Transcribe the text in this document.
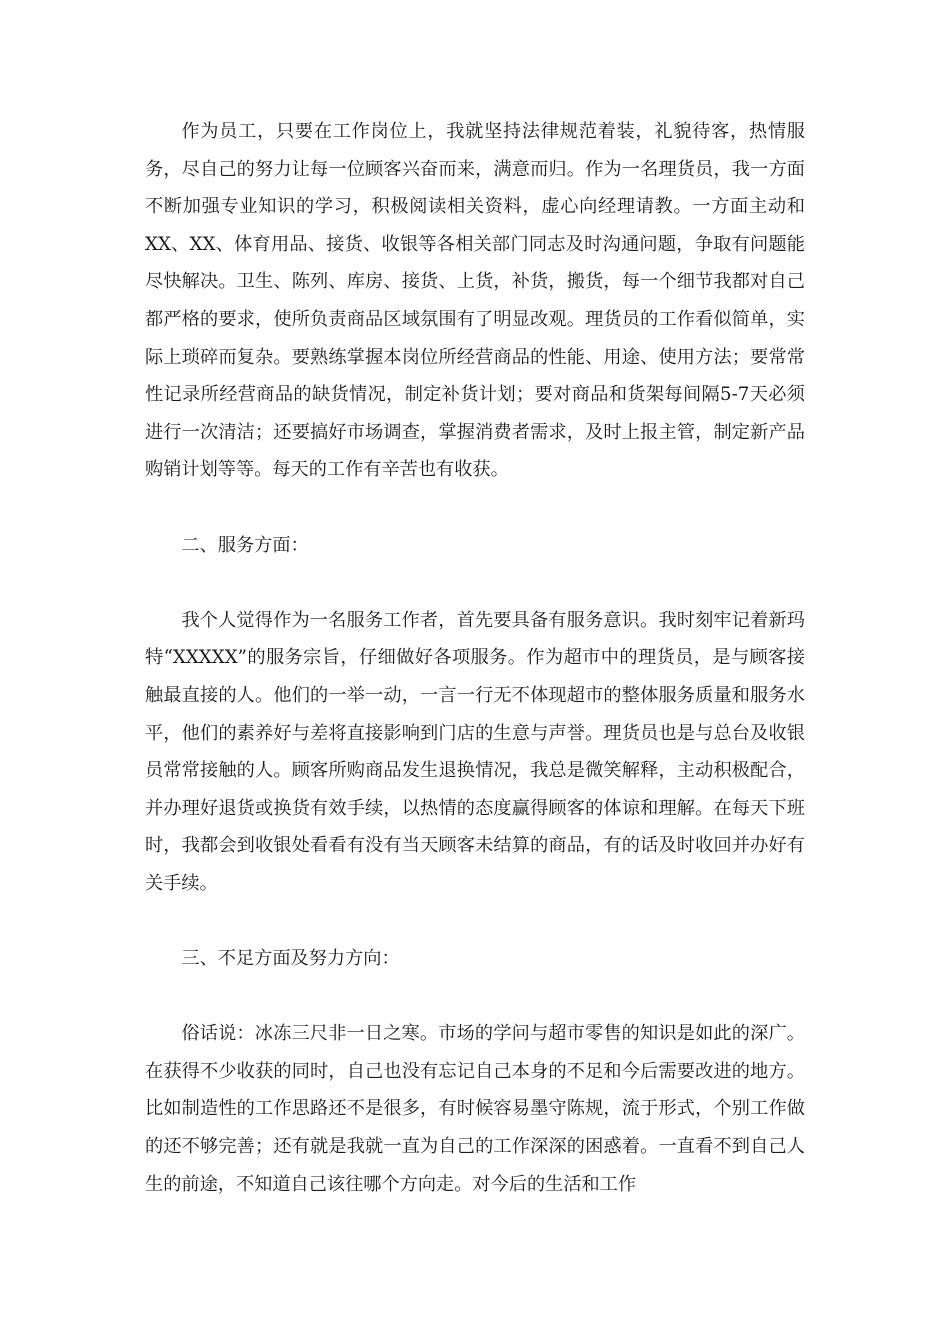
作为员工，只要在工作岗位上，我就坚持法律规范着装，礼貌待客，热情服务，尽自己的努力让每一位顾客兴奋而来，满意而归。作为一名理货员，我一方面不断加强专业知识的学习，积极阅读相关资料，虚心向经理请教。一方面主动和XX、XX、体育用品、接货、收银等各相关部门同志及时沟通问题，争取有问题能尽快解决。卫生、陈列、库房、接货、上货，补货，搬货，每一个细节我都对自己都严格的要求，使所负责商品区域氛围有了明显改观。理货员的工作看似简单，实际上琐碎而复杂。要熟练掌握本岗位所经营商品的性能、用途、使用方法；要常常性记录所经营商品的缺货情况，制定补货计划；要对商品和货架每间隔5-7天必须进行一次清洁；还要搞好市场调查，掌握消费者需求，及时上报主管，制定新产品购销计划等等。每天的工作有辛苦也有收获。

二、服务方面：

我个人觉得作为一名服务工作者，首先要具备有服务意识。我时刻牢记着新玛特“XXXXX”的服务宗旨，仔细做好各项服务。作为超市中的理货员，是与顾客接触最直接的人。他们的一举一动，一言一行无不体现超市的整体服务质量和服务水平，他们的素养好与差将直接影响到门店的生意与声誉。理货员也是与总台及收银员常常接触的人。顾客所购商品发生退换情况，我总是微笑解释，主动积极配合，并办理好退货或换货有效手续，以热情的态度赢得顾客的体谅和理解。在每天下班时，我都会到收银处看看有没有当天顾客未结算的商品，有的话及时收回并办好有关手续。

三、不足方面及努力方向：

俗话说：冰冻三尺非一日之寒。市场的学问与超市零售的知识是如此的深广。在获得不少收获的同时，自己也没有忘记自己本身的不足和今后需要改进的地方。比如制造性的工作思路还不是很多，有时候容易墨守陈规，流于形式，个别工作做的还不够完善；还有就是我就一直为自己的工作深深的困惑着。一直看不到自己人生的前途，不知道自己该往哪个方向走。对今后的生活和工作
